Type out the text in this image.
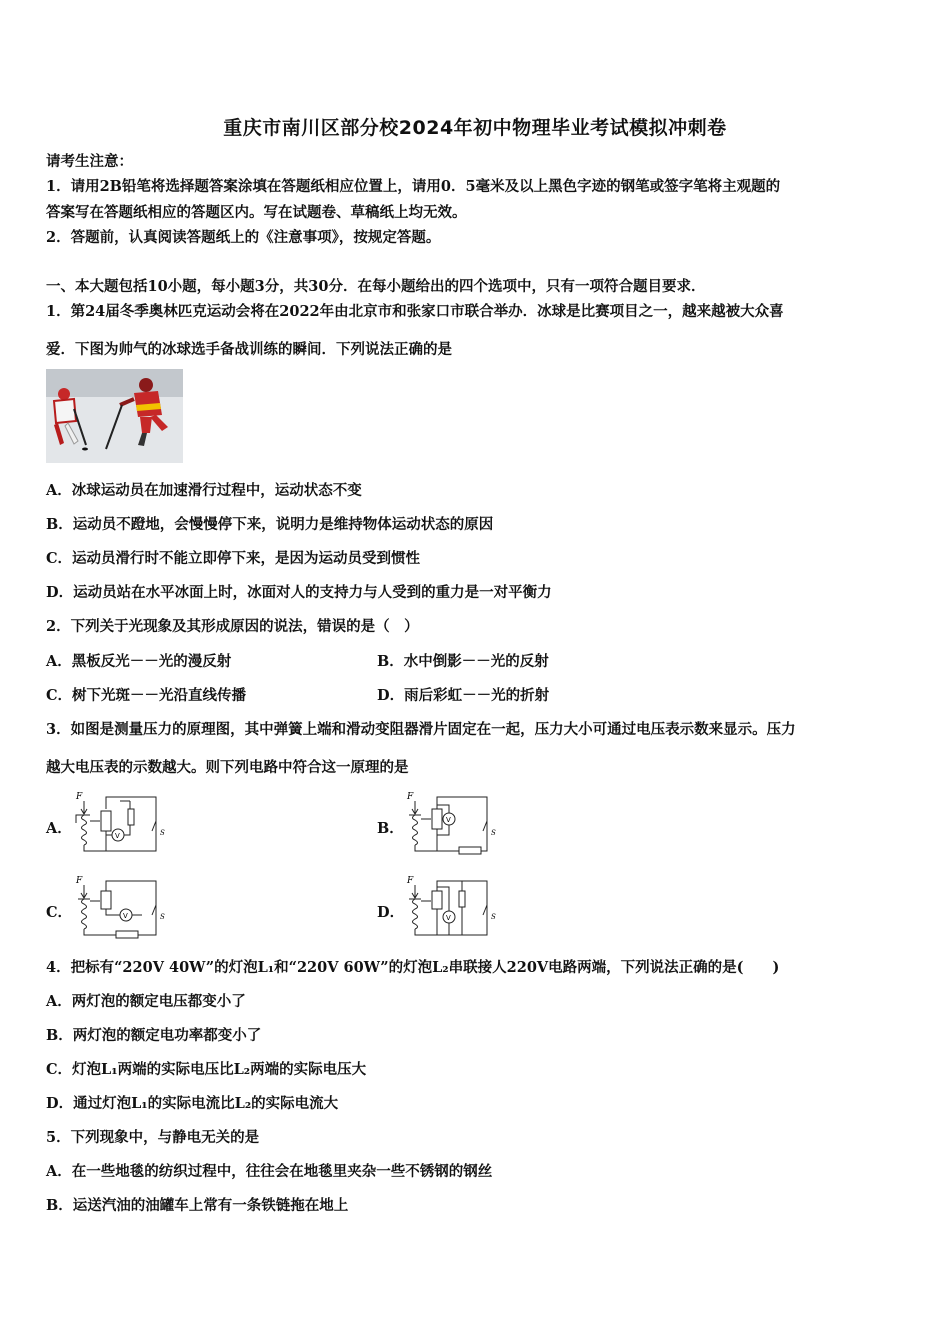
重庆市南川区部分校2024年初中物理毕业考试模拟冲刺卷
请考生注意：
1．请用2B铅笔将选择题答案涂填在答题纸相应位置上，请用0．5毫米及以上黑色字迹的钢笔或签字笔将主观题的
答案写在答题纸相应的答题区内。写在试题卷、草稿纸上均无效。
2．答题前，认真阅读答题纸上的《注意事项》，按规定答题。
一、本大题包括10小题，每小题3分，共30分．在每小题给出的四个选项中，只有一项符合题目要求．
1．第24届冬季奥林匹克运动会将在2022年由北京市和张家口市联合举办．冰球是比赛项目之一，越来越被大众喜
爱．下图为帅气的冰球选手备战训练的瞬间．下列说法正确的是
A．冰球运动员在加速滑行过程中，运动状态不变
B．运动员不蹬地，会慢慢停下来，说明力是维持物体运动状态的原因
C．运动员滑行时不能立即停下来，是因为运动员受到惯性
D．运动员站在水平冰面上时，冰面对人的支持力与人受到的重力是一对平衡力
2．下列关于光现象及其形成原因的说法，错误的是（　）
A．黑板反光－－光的漫反射	B．水中倒影－－光的反射
C．树下光斑－－光沿直线传播	D．雨后彩虹－－光的折射
3．如图是测量压力的原理图，其中弹簧上端和滑动变阻器滑片固定在一起，压力大小可通过电压表示数来显示。压力
越大电压表的示数越大。则下列电路中符合这一原理的是
A．
F
V	S	B．
F
V
S
C．
F
V	S	D．
F
V	S
4．把标有“220V 40W”的灯泡L₁和“220V 60W”的灯泡L₂串联接人220V电路两端，下列说法正确的是(　　)
A．两灯泡的额定电压都变小了
B．两灯泡的额定电功率都变小了
C．灯泡L₁两端的实际电压比L₂两端的实际电压大
D．通过灯泡L₁的实际电流比L₂的实际电流大
5．下列现象中，与静电无关的是
A．在一些地毯的纺织过程中，往往会在地毯里夹杂一些不锈钢的钢丝
B．运送汽油的油罐车上常有一条铁链拖在地上
